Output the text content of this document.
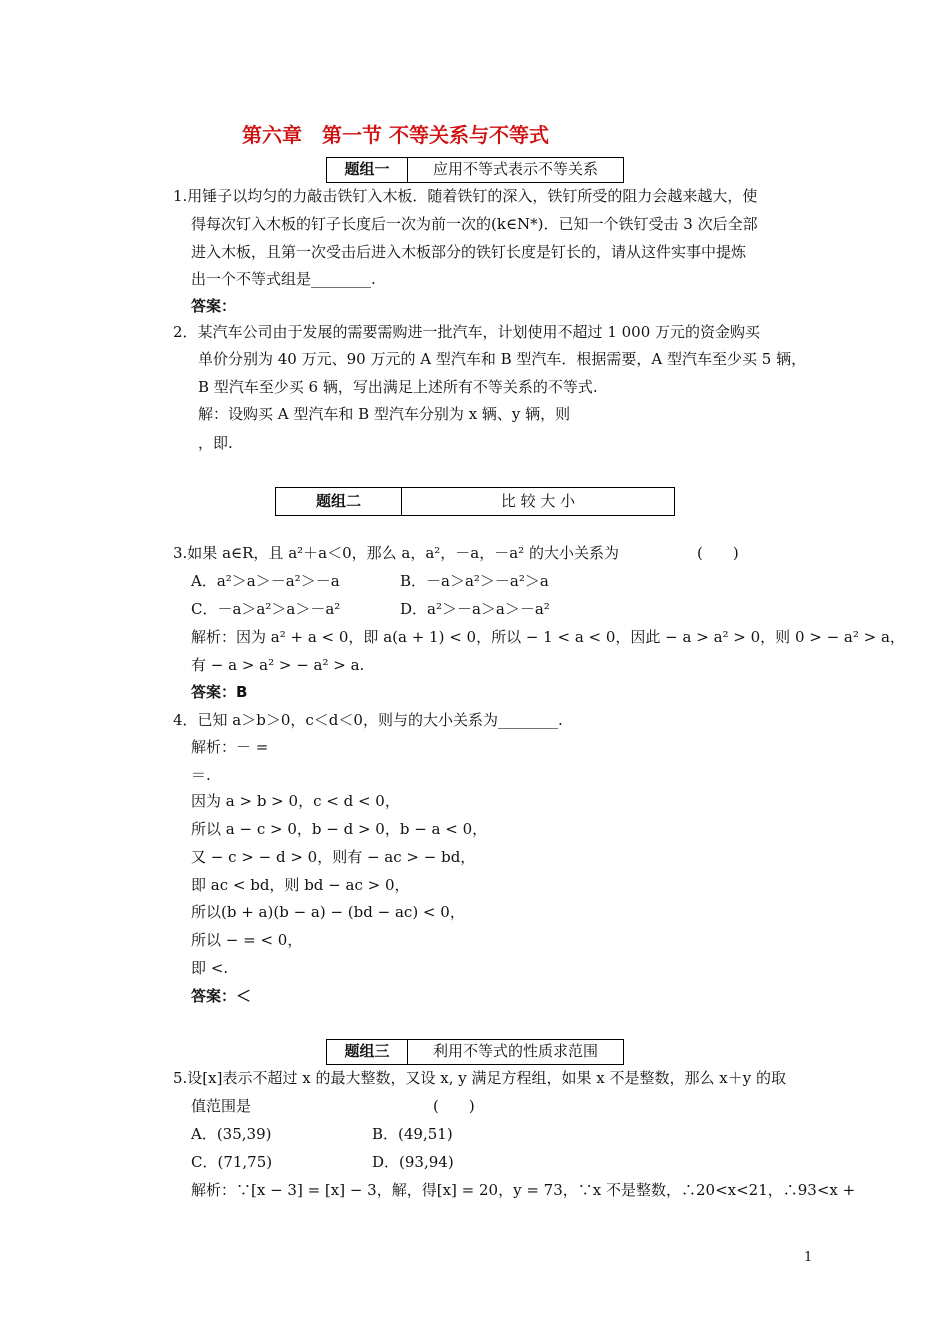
第六章　第一节 不等关系与不等式
题组一	应用不等式表示不等关系
1.用锤子以均匀的力敲击铁钉入木板．随着铁钉的深入，铁钉所受的阻力会越来越大，使
得每次钉入木板的钉子长度后一次为前一次的(k∈N*)．已知一个铁钉受击 3 次后全部
进入木板，且第一次受击后进入木板部分的铁钉长度是钉长的，请从这件实事中提炼
出一个不等式组是________.
答案：
2．某汽车公司由于发展的需要需购进一批汽车，计划使用不超过 1 000 万元的资金购买
单价分别为 40 万元、90 万元的 A 型汽车和 B 型汽车．根据需要，A 型汽车至少买 5 辆，
B 型汽车至少买 6 辆，写出满足上述所有不等关系的不等式.
解：设购买 A 型汽车和 B 型汽车分别为 x 辆、y 辆，则
，即.
题组二	比 较 大 小
3.如果 a∈R，且 a²＋a＜0，那么 a，a²，－a，－a² 的大小关系为	(　　)
A．a²＞a＞－a²＞－a	B．－a＞a²＞－a²＞a
C．－a＞a²＞a＞－a²	D．a²＞－a＞a＞－a²
解析：因为 a² + a < 0，即 a(a + 1) < 0，所以 − 1 < a < 0，因此 − a > a² > 0，则 0 > − a² > a，
有 − a > a² > − a² > a.
答案：B
4．已知 a＞b＞0，c＜d＜0，则与的大小关系为________.
解析：－ =
＝.
因为 a > b > 0，c < d < 0，
所以 a − c > 0，b − d > 0，b − a < 0，
又 − c > − d > 0，则有 − ac > − bd，
即 ac < bd，则 bd − ac > 0，
所以(b + a)(b − a) − (bd − ac) < 0，
所以 − = < 0，
即 <.
答案：＜
题组三	利用不等式的性质求范围
5.设[x]表示不超过 x 的最大整数，又设 x, y 满足方程组，如果 x 不是整数，那么 x＋y 的取
值范围是	(　　)
A．(35,39)	B．(49,51)
C．(71,75)	D．(93,94)
解析：∵[x − 3] = [x] − 3，解，得[x] = 20，y = 73，∵x 不是整数，∴20<x<21，∴93<x +
1
